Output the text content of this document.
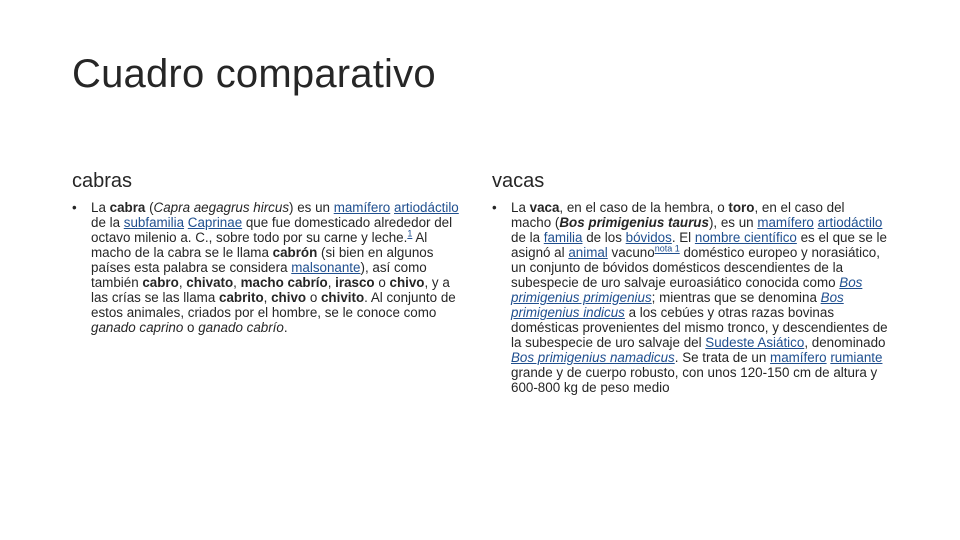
Cuadro comparativo
cabras	vacas
• La cabra (Capra aegagrus hircus) es un mamífero artiodáctilo de la subfamilia Caprinae que fue domesticado alrededor del octavo milenio a. C., sobre todo por su carne y leche.$^1$ Al macho de la cabra se le llama cabrón (si bien en algunos países esta palabra se considera malsonante), así como también cabro, chivato, macho cabrío, irasco o chivo, y a las crías se las llama cabrito, chivo o chivito. Al conjunto de estos animales, criados por el hombre, se le conoce como ganado caprino o ganado cabrío.
• La vaca, en el caso de la hembra, o toro, en el caso del macho (Bos primigenius taurus), es un mamífero artiodáctilo de la familia de los bóvidos. El nombre científico es el que se le asignó al animal vacuno$^{nota 1}$ doméstico europeo y norasiático, un conjunto de bóvidos domésticos descendientes de la subespecie de uro salvaje euroasiático conocida como Bos primigenius primigenius; mientras que se denomina Bos primigenius indicus a los cebúes y otras razas bovinas domésticas provenientes del mismo tronco, y descendientes de la subespecie de uro salvaje del Sudeste Asiático, denominado Bos primigenius namadicus. Se trata de un mamífero rumiante grande y de cuerpo robusto, con unos 120-150 cm de altura y 600-800 kg de peso medio
